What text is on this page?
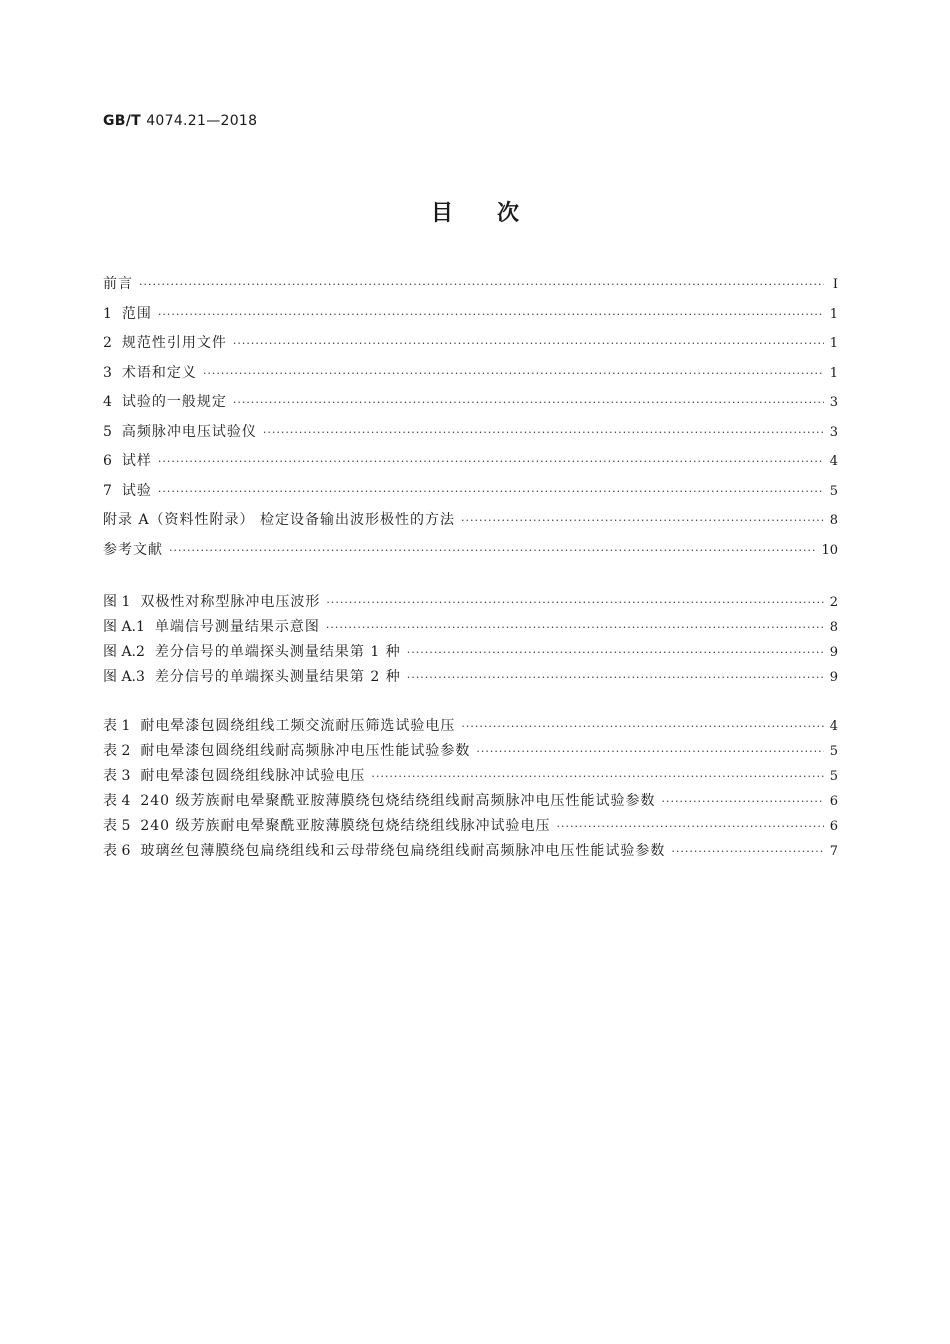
GB/T 4074.21—2018
目次
前言 ·····	Ⅰ
1 范围 ·····	1
2 规范性引用文件 ·····	1
3 术语和定义 ·····	1
4 试验的一般规定 ·····	3
5 高频脉冲电压试验仪 ·····	3
6 试样 ·····	4
7 试验 ·····	5
附录 A（资料性附录） 检定设备输出波形极性的方法 ·····	8
参考文献 ·····	10
图 1 双极性对称型脉冲电压波形 ·····	2
图 A.1 单端信号测量结果示意图 ·····	8
图 A.2 差分信号的单端探头测量结果第 1 种 ·····	9
图 A.3 差分信号的单端探头测量结果第 2 种 ·····	9
表 1 耐电晕漆包圆绕组线工频交流耐压筛选试验电压 ·····	4
表 2 耐电晕漆包圆绕组线耐高频脉冲电压性能试验参数 ·····	5
表 3 耐电晕漆包圆绕组线脉冲试验电压 ·····	5
表 4 240 级芳族耐电晕聚酰亚胺薄膜绕包烧结绕组线耐高频脉冲电压性能试验参数 ·····	6
表 5 240 级芳族耐电晕聚酰亚胺薄膜绕包烧结绕组线脉冲试验电压 ·····	6
表 6 玻璃丝包薄膜绕包扁绕组线和云母带绕包扁绕组线耐高频脉冲电压性能试验参数 ·····	7
